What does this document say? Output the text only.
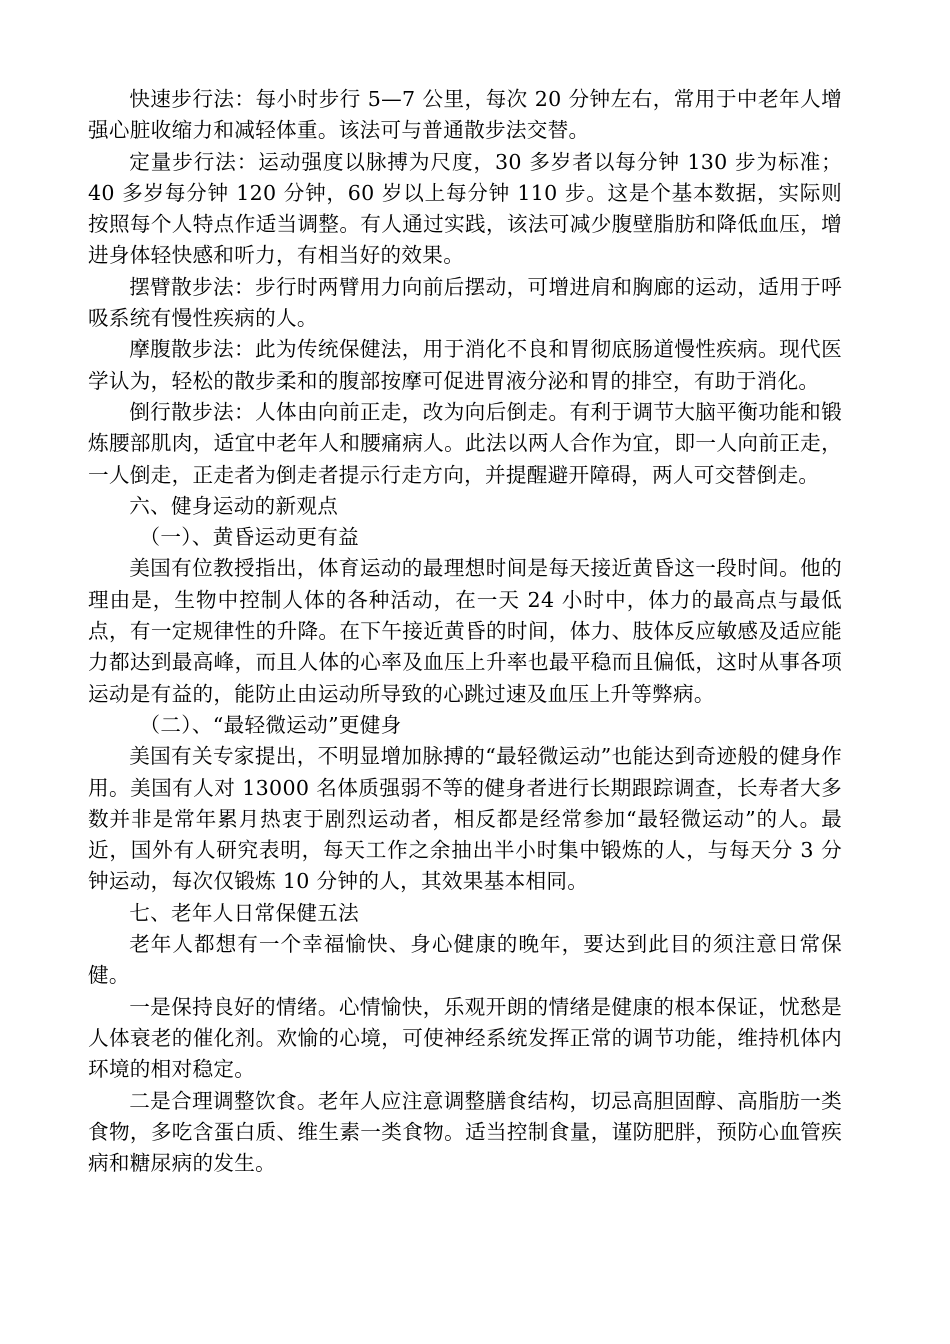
快速步行法：每小时步行 5—7 公里，每次 20 分钟左右，常用于中老年人增强心脏收缩力和减轻体重。该法可与普通散步法交替。

定量步行法：运动强度以脉搏为尺度，30 多岁者以每分钟 130 步为标准；40 多岁每分钟 120 分钟，60 岁以上每分钟 110 步。这是个基本数据，实际则按照每个人特点作适当调整。有人通过实践，该法可减少腹壁脂肪和降低血压，增进身体轻快感和听力，有相当好的效果。

摆臂散步法：步行时两臂用力向前后摆动，可增进肩和胸廊的运动，适用于呼吸系统有慢性疾病的人。

摩腹散步法：此为传统保健法，用于消化不良和胃彻底肠道慢性疾病。现代医学认为，轻松的散步柔和的腹部按摩可促进胃液分泌和胃的排空，有助于消化。

倒行散步法：人体由向前正走，改为向后倒走。有利于调节大脑平衡功能和锻炼腰部肌肉，适宜中老年人和腰痛病人。此法以两人合作为宜，即一人向前正走，一人倒走，正走者为倒走者提示行走方向，并提醒避开障碍，两人可交替倒走。

六、健身运动的新观点

（一）、黄昏运动更有益

美国有位教授指出，体育运动的最理想时间是每天接近黄昏这一段时间。他的理由是，生物中控制人体的各种活动，在一天 24 小时中，体力的最高点与最低点，有一定规律性的升降。在下午接近黄昏的时间，体力、肢体反应敏感及适应能力都达到最高峰，而且人体的心率及血压上升率也最平稳而且偏低，这时从事各项运动是有益的，能防止由运动所导致的心跳过速及血压上升等弊病。

（二）、“最轻微运动”更健身

美国有关专家提出，不明显增加脉搏的“最轻微运动”也能达到奇迹般的健身作用。美国有人对 13000 名体质强弱不等的健身者进行长期跟踪调查，长寿者大多数并非是常年累月热衷于剧烈运动者，相反都是经常参加“最轻微运动”的人。最近，国外有人研究表明，每天工作之余抽出半小时集中锻炼的人，与每天分 3 分钟运动，每次仅锻炼 10 分钟的人，其效果基本相同。

七、老年人日常保健五法

老年人都想有一个幸福愉快、身心健康的晚年，要达到此目的须注意日常保健。

一是保持良好的情绪。心情愉快，乐观开朗的情绪是健康的根本保证，忧愁是人体衰老的催化剂。欢愉的心境，可使神经系统发挥正常的调节功能，维持机体内环境的相对稳定。

二是合理调整饮食。老年人应注意调整膳食结构，切忌高胆固醇、高脂肪一类食物，多吃含蛋白质、维生素一类食物。适当控制食量，谨防肥胖，预防心血管疾病和糖尿病的发生。
